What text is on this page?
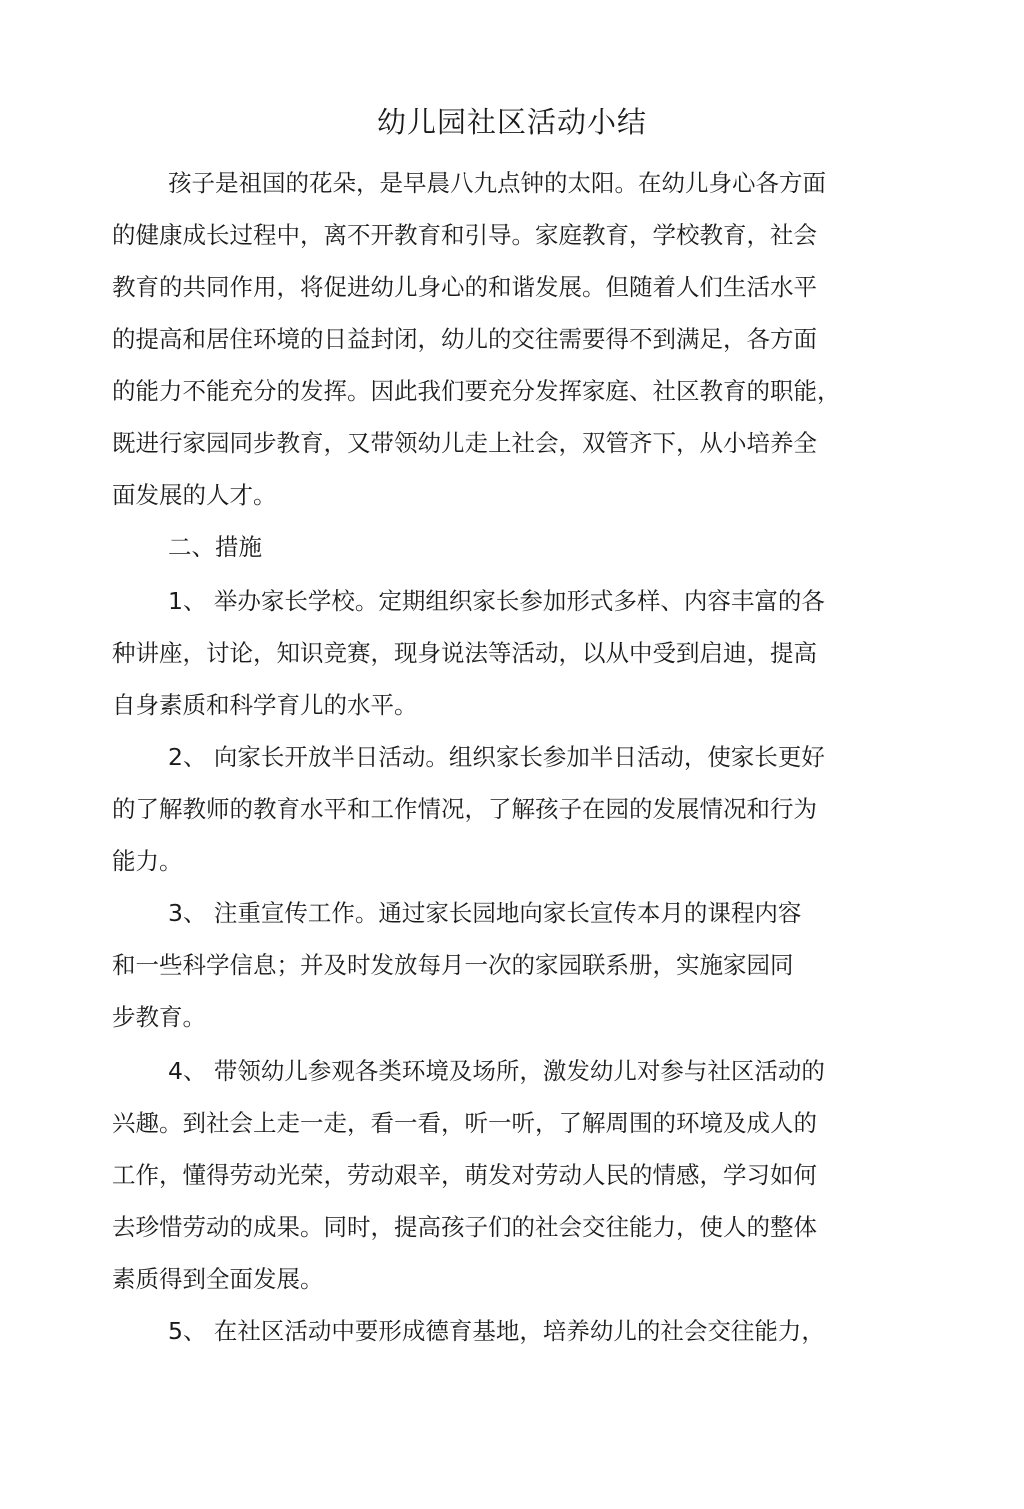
幼儿园社区活动小结
孩子是祖国的花朵，是早晨八九点钟的太阳。在幼儿身心各方面
的健康成长过程中，离不开教育和引导。家庭教育，学校教育，社会
教育的共同作用，将促进幼儿身心的和谐发展。但随着人们生活水平
的提高和居住环境的日益封闭，幼儿的交往需要得不到满足，各方面
的能力不能充分的发挥。因此我们要充分发挥家庭、社区教育的职能，
既进行家园同步教育，又带领幼儿走上社会，双管齐下，从小培养全
面发展的人才。
二、措施
1、 举办家长学校。定期组织家长参加形式多样、内容丰富的各
种讲座，讨论，知识竞赛，现身说法等活动，以从中受到启迪，提高
自身素质和科学育儿的水平。
2、 向家长开放半日活动。组织家长参加半日活动，使家长更好
的了解教师的教育水平和工作情况，了解孩子在园的发展情况和行为
能力。
3、 注重宣传工作。通过家长园地向家长宣传本月的课程内容
和一些科学信息；并及时发放每月一次的家园联系册，实施家园同
步教育。
4、 带领幼儿参观各类环境及场所，激发幼儿对参与社区活动的
兴趣。到社会上走一走，看一看，听一听，了解周围的环境及成人的
工作，懂得劳动光荣，劳动艰辛，萌发对劳动人民的情感，学习如何
去珍惜劳动的成果。同时，提高孩子们的社会交往能力，使人的整体
素质得到全面发展。
5、 在社区活动中要形成德育基地，培养幼儿的社会交往能力，
